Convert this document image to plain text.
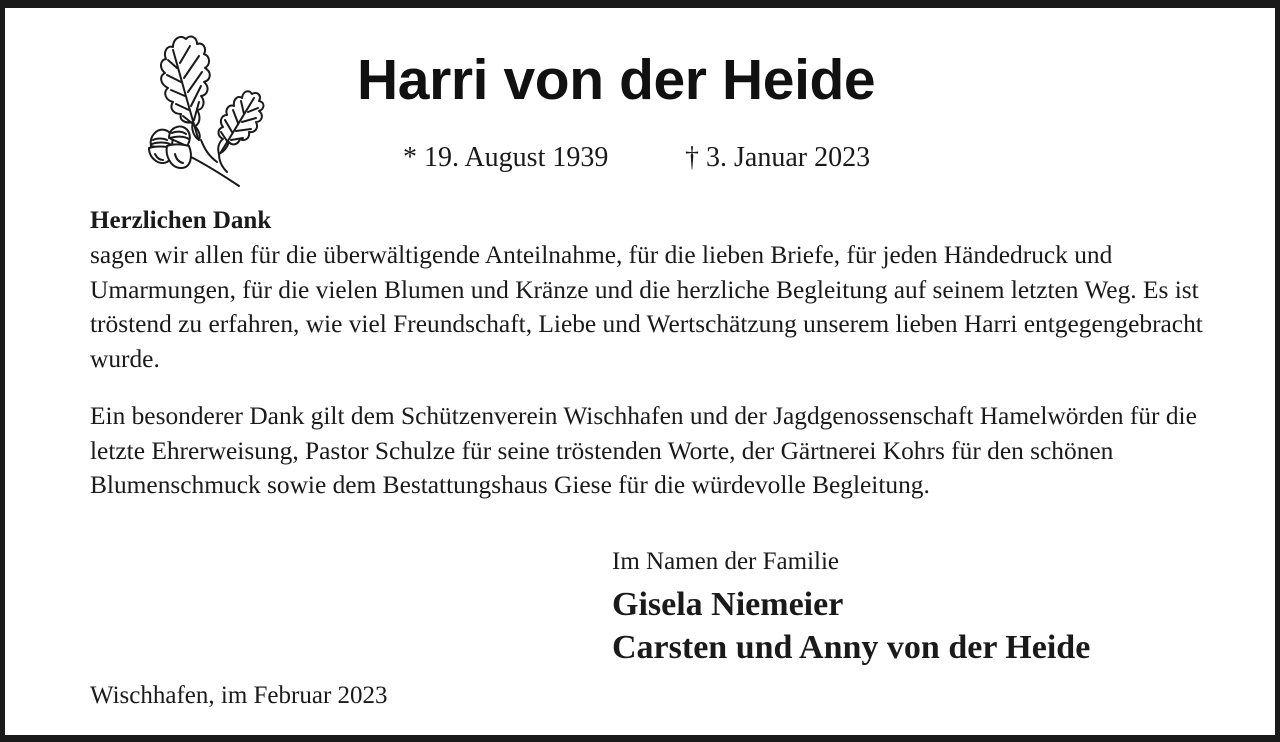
Harri von der Heide
* 19. August 1939	† 3. Januar 2023
Herzlichen Dank

sagen wir allen für die überwältigende Anteilnahme, für die lieben Briefe, für jeden Händedruck und Umarmungen, für die vielen Blumen und Kränze und die herzliche Begleitung auf seinem letzten Weg. Es ist tröstend zu erfahren, wie viel Freundschaft, Liebe und Wertschätzung unserem lieben Harri entgegengebracht wurde.

Ein besonderer Dank gilt dem Schützenverein Wischhafen und der Jagdgenossenschaft Hamelwörden für die letzte Ehrerweisung, Pastor Schulze für seine tröstenden Worte, der Gärtnerei Kohrs für den schönen Blumenschmuck sowie dem Bestattungshaus Giese für die würdevolle Begleitung.

Im Namen der Familie
Gisela Niemeier
Carsten und Anny von der Heide
Wischhafen, im Februar 2023
